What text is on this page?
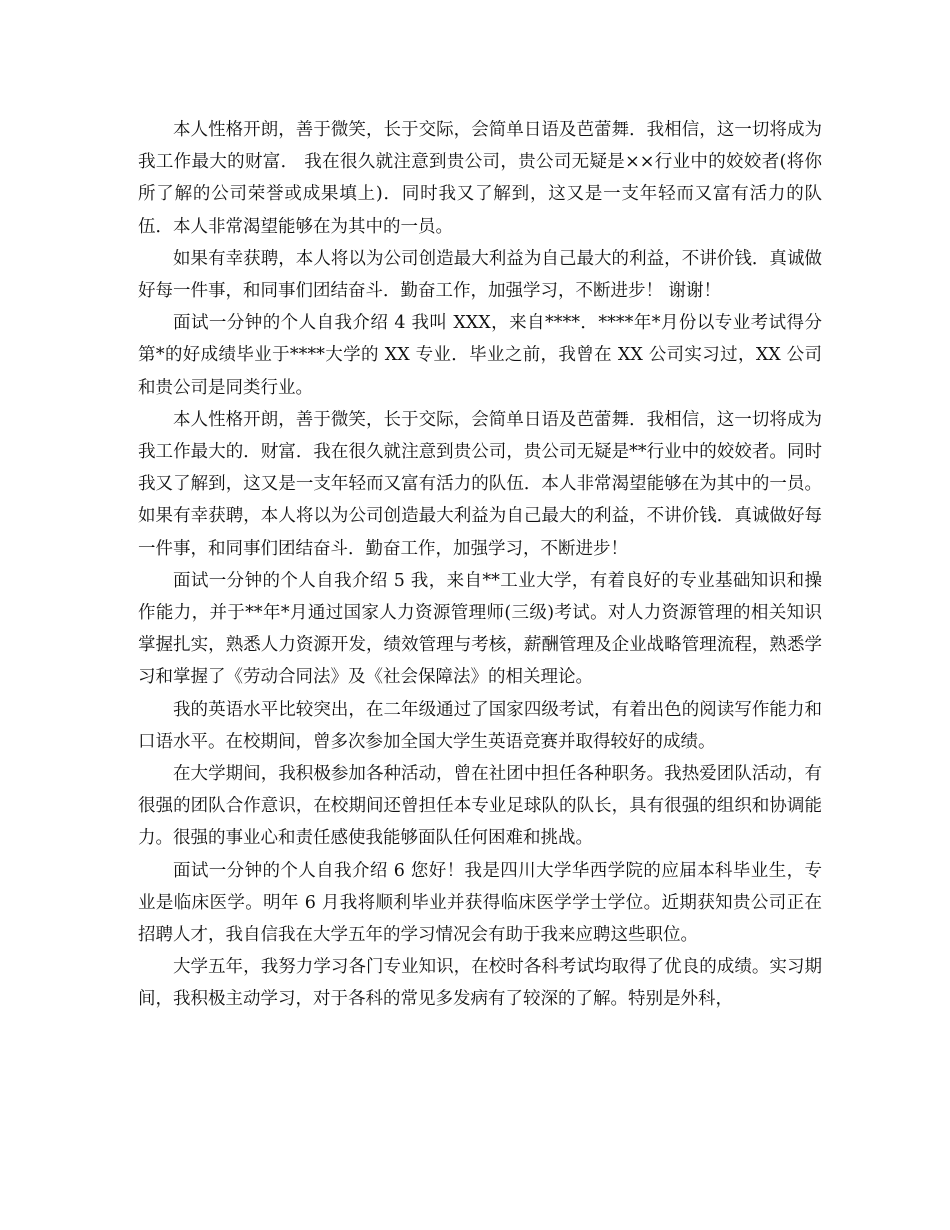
本人性格开朗，善于微笑，长于交际，会简单日语及芭蕾舞．我相信，这一切将成为我工作最大的财富． 我在很久就注意到贵公司，贵公司无疑是××行业中的姣姣者(将你所了解的公司荣誉或成果填上)．同时我又了解到，这又是一支年轻而又富有活力的队伍．本人非常渴望能够在为其中的一员。

如果有幸获聘，本人将以为公司创造最大利益为自己最大的利益，不讲价钱．真诚做好每一件事，和同事们团结奋斗．勤奋工作，加强学习，不断进步！ 谢谢！

面试一分钟的个人自我介绍 4 我叫 XXX，来自****．****年*月份以专业考试得分第*的好成绩毕业于****大学的 XX 专业．毕业之前，我曾在 XX 公司实习过，XX 公司和贵公司是同类行业。

本人性格开朗，善于微笑，长于交际，会简单日语及芭蕾舞．我相信，这一切将成为我工作最大的．财富．我在很久就注意到贵公司，贵公司无疑是**行业中的姣姣者。同时我又了解到，这又是一支年轻而又富有活力的队伍．本人非常渴望能够在为其中的一员。如果有幸获聘，本人将以为公司创造最大利益为自己最大的利益，不讲价钱．真诚做好每一件事，和同事们团结奋斗．勤奋工作，加强学习，不断进步！

面试一分钟的个人自我介绍 5 我，来自**工业大学，有着良好的专业基础知识和操作能力，并于**年*月通过国家人力资源管理师(三级)考试。对人力资源管理的相关知识掌握扎实，熟悉人力资源开发，绩效管理与考核，薪酬管理及企业战略管理流程，熟悉学习和掌握了《劳动合同法》及《社会保障法》的相关理论。

我的英语水平比较突出，在二年级通过了国家四级考试，有着出色的阅读写作能力和口语水平。在校期间，曾多次参加全国大学生英语竞赛并取得较好的成绩。

在大学期间，我积极参加各种活动，曾在社团中担任各种职务。我热爱团队活动，有很强的团队合作意识，在校期间还曾担任本专业足球队的队长，具有很强的组织和协调能力。很强的事业心和责任感使我能够面队任何困难和挑战。

面试一分钟的个人自我介绍 6 您好！我是四川大学华西学院的应届本科毕业生，专业是临床医学。明年 6 月我将顺利毕业并获得临床医学学士学位。近期获知贵公司正在招聘人才，我自信我在大学五年的学习情况会有助于我来应聘这些职位。

大学五年，我努力学习各门专业知识，在校时各科考试均取得了优良的成绩。实习期间，我积极主动学习，对于各科的常见多发病有了较深的了解。特别是外科，
